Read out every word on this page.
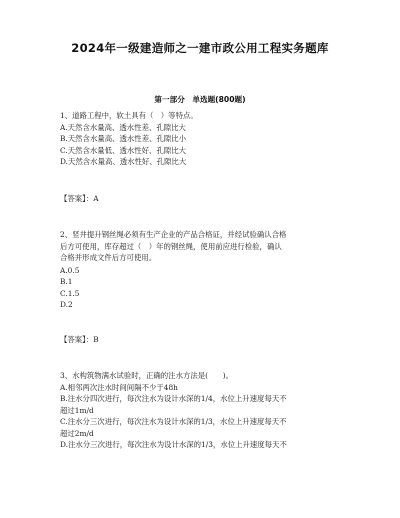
2024年一级建造师之一建市政公用工程实务题库
第一部分　单选题(800题)
1、道路工程中，软土具有（　）等特点。
A.天然含水量高、透水性差、孔隙比大
B.天然含水量高、透水性差、孔隙比小
C.天然含水量低、透水性好、孔隙比大
D.天然含水量高、透水性好、孔隙比大
【答案】：A
2、竖井提升钢丝绳必须有生产企业的产品合格证，并经试验确认合格
后方可使用，库存超过（　）年的钢丝绳，使用前应进行检验，确认
合格并形成文件后方可使用。
A.0.5
B.1
C.1.5
D.2
【答案】：B
3、水构筑物满水试验时，正确的注水方法是(　　)。
A.相邻两次注水时间间隔不少于48h
B.注水分四次进行，每次注水为设计水深的1/4，水位上升速度每天不
超过1m/d
C.注水分三次进行，每次注水为设计水深的1/3，水位上升速度每天不
超过2m/d
D.注水分三次进行，每次注水为设计水深的1/3，水位上升速度每天不
